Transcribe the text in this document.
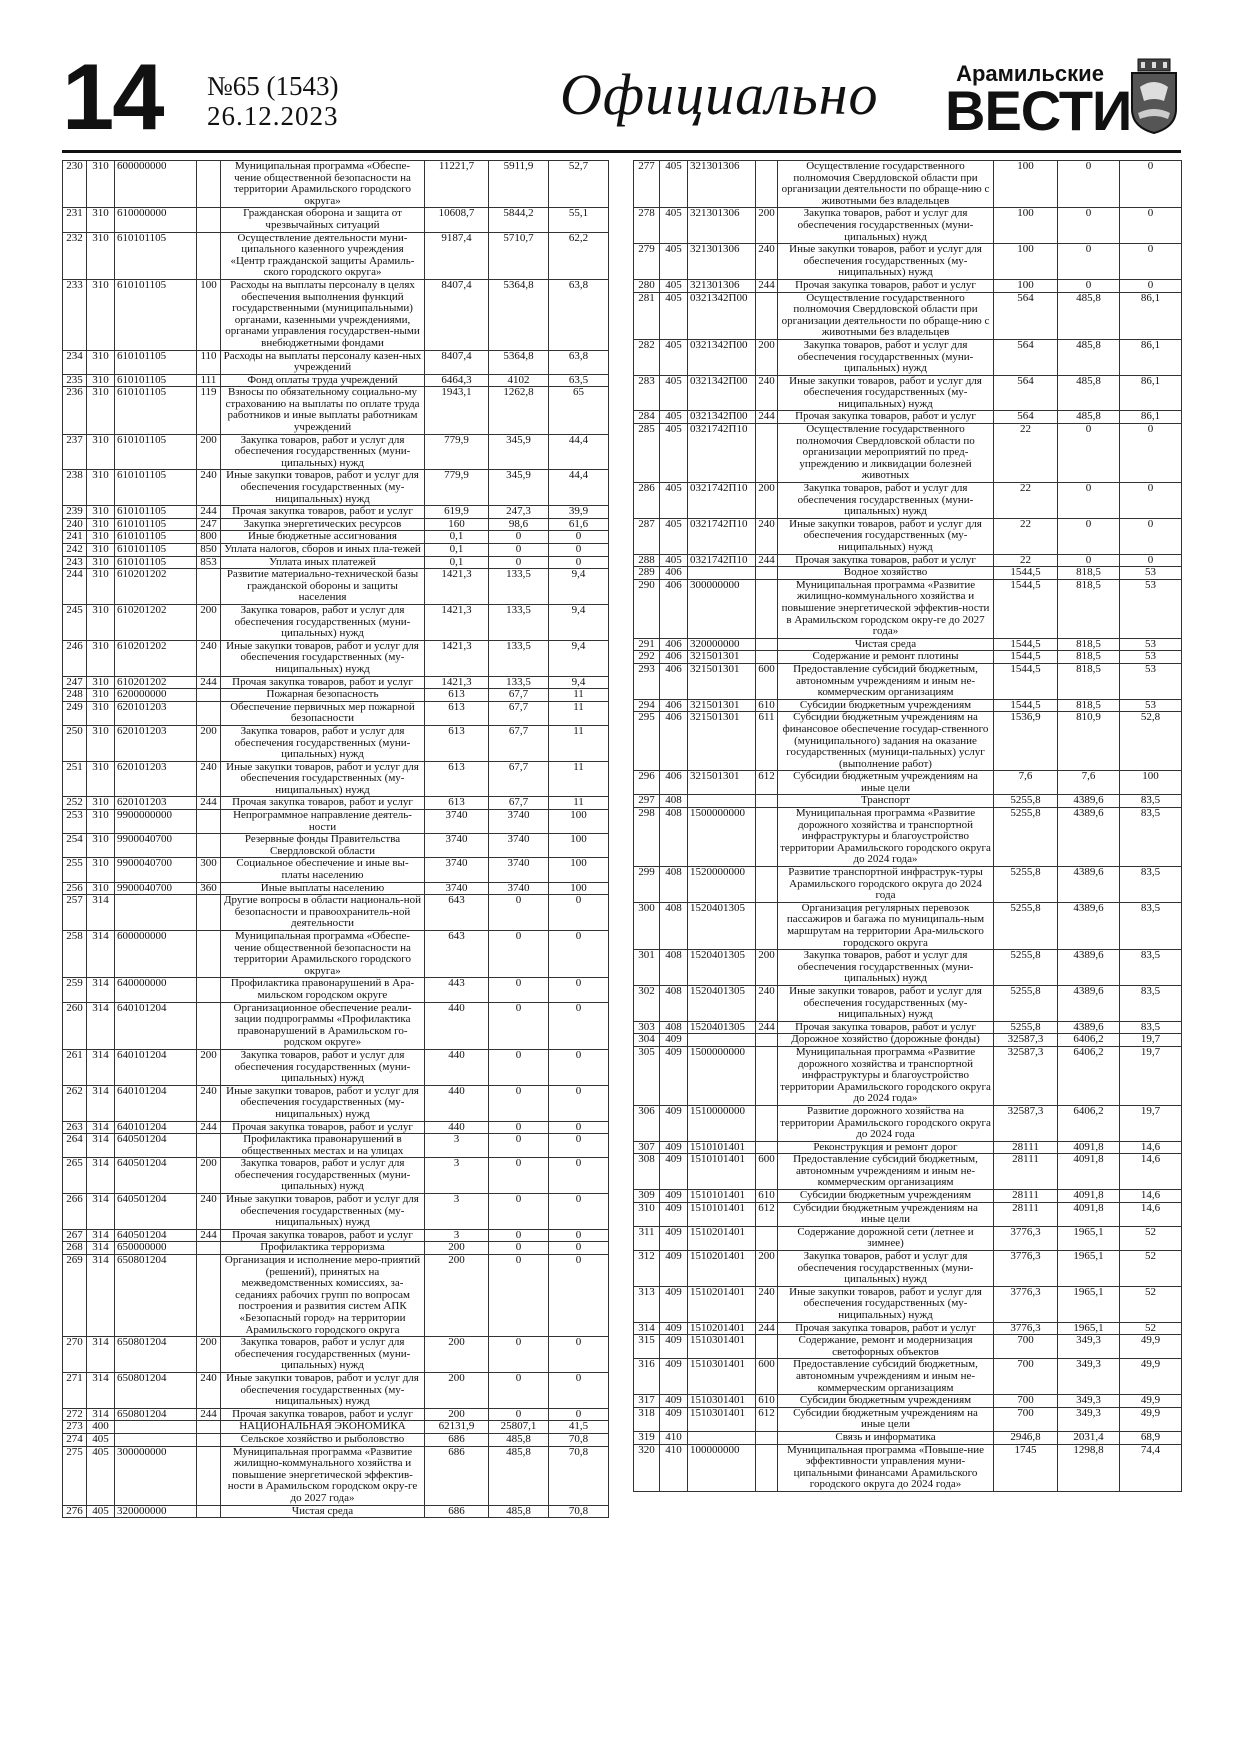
14 №65 (1543)
26.12.2023	Официально	Арамильские
ВЕСТИ
230	310	600000000		Муниципальная программа «Обеспе-чение общественной безопасности на территории Арамильского городского округа»	11221,7	5911,9	52,7
231	310	610000000		Гражданская оборона и защита от чрезвычайных ситуаций	10608,7	5844,2	55,1
232	310	610101105		Осуществление деятельности муни-ципального казенного учреждения «Центр гражданской защиты Арамиль-ского городского округа»	9187,4	5710,7	62,2
233	310	610101105	100	Расходы на выплаты персоналу в целях обеспечения выполнения функций государственными (муниципальными) органами, казенными учреждениями, органами управления государствен-ными внебюджетными фондами	8407,4	5364,8	63,8
234	310	610101105	110	Расходы на выплаты персоналу казен-ных учреждений	8407,4	5364,8	63,8
235	310	610101105	111	Фонд оплаты труда учреждений	6464,3	4102	63,5
236	310	610101105	119	Взносы по обязательному социально-му страхованию на выплаты по оплате труда работников и иные выплаты работникам учреждений	1943,1	1262,8	65
237	310	610101105	200	Закупка товаров, работ и услуг для обеспечения государственных (муни-ципальных) нужд	779,9	345,9	44,4
238	310	610101105	240	Иные закупки товаров, работ и услуг для обеспечения государственных (му-ниципальных) нужд	779,9	345,9	44,4
239	310	610101105	244	Прочая закупка товаров, работ и услуг	619,9	247,3	39,9
240	310	610101105	247	Закупка энергетических ресурсов	160	98,6	61,6
241	310	610101105	800	Иные бюджетные ассигнования	0,1	0	0
242	310	610101105	850	Уплата налогов, сборов и иных пла-тежей	0,1	0	0
243	310	610101105	853	Уплата иных платежей	0,1	0	0
244	310	610201202		Развитие материально-технической базы гражданской обороны и защиты населения	1421,3	133,5	9,4
245	310	610201202	200	Закупка товаров, работ и услуг для обеспечения государственных (муни-ципальных) нужд	1421,3	133,5	9,4
246	310	610201202	240	Иные закупки товаров, работ и услуг для обеспечения государственных (му-ниципальных) нужд	1421,3	133,5	9,4
247	310	610201202	244	Прочая закупка товаров, работ и услуг	1421,3	133,5	9,4
248	310	620000000		Пожарная безопасность	613	67,7	11
249	310	620101203		Обеспечение первичных мер пожарной безопасности	613	67,7	11
250	310	620101203	200	Закупка товаров, работ и услуг для обеспечения государственных (муни-ципальных) нужд	613	67,7	11
251	310	620101203	240	Иные закупки товаров, работ и услуг для обеспечения государственных (му-ниципальных) нужд	613	67,7	11
252	310	620101203	244	Прочая закупка товаров, работ и услуг	613	67,7	11
253	310	9900000000		Непрограммное направление деятель-ности	3740	3740	100
254	310	9900040700		Резервные фонды Правительства Свердловской области	3740	3740	100
255	310	9900040700	300	Социальное обеспечение и иные вы-платы населению	3740	3740	100
256	310	9900040700	360	Иные выплаты населению	3740	3740	100
257	314			Другие вопросы в области националь-ной безопасности и правоохранитель-ной деятельности	643	0	0
258	314	600000000		Муниципальная программа «Обеспе-чение общественной безопасности на территории Арамильского городского округа»	643	0	0
259	314	640000000		Профилактика правонарушений в Ара-мильском городском округе	443	0	0
260	314	640101204		Организационное обеспечение реали-зации подпрограммы «Профилактика правонарушений в Арамильском го-родском округе»	440	0	0
261	314	640101204	200	Закупка товаров, работ и услуг для обеспечения государственных (муни-ципальных) нужд	440	0	0
262	314	640101204	240	Иные закупки товаров, работ и услуг для обеспечения государственных (му-ниципальных) нужд	440	0	0
263	314	640101204	244	Прочая закупка товаров, работ и услуг	440	0	0
264	314	640501204		Профилактика правонарушений в общественных местах и на улицах	3	0	0
265	314	640501204	200	Закупка товаров, работ и услуг для обеспечения государственных (муни-ципальных) нужд	3	0	0
266	314	640501204	240	Иные закупки товаров, работ и услуг для обеспечения государственных (му-ниципальных) нужд	3	0	0
267	314	640501204	244	Прочая закупка товаров, работ и услуг	3	0	0
268	314	650000000		Профилактика терроризма	200	0	0
269	314	650801204		Организация и исполнение меро-приятий (решений), принятых на межведомственных комиссиях, за-седаниях рабочих групп по вопросам построения и развития систем АПК «Безопасный город» на территории Арамильского городского округа	200	0	0
270	314	650801204	200	Закупка товаров, работ и услуг для обеспечения государственных (муни-ципальных) нужд	200	0	0
271	314	650801204	240	Иные закупки товаров, работ и услуг для обеспечения государственных (му-ниципальных) нужд	200	0	0
272	314	650801204	244	Прочая закупка товаров, работ и услуг	200	0	0
273	400			НАЦИОНАЛЬНАЯ ЭКОНОМИКА	62131,9	25807,1	41,5
274	405			Сельское хозяйство и рыболовство	686	485,8	70,8
275	405	300000000		Муниципальная программа «Развитие жилищно-коммунального хозяйства и повышение энергетической эффектив-ности в Арамильском городском окру-ге до 2027 года»	686	485,8	70,8
276	405	320000000		Чистая среда	686	485,8	70,8
277	405	321301306		Осуществление государственного полномочия Свердловской области при организации деятельности по обраще-нию с животными без владельцев	100	0	0
278	405	321301306	200	Закупка товаров, работ и услуг для обеспечения государственных (муни-ципальных) нужд	100	0	0
279	405	321301306	240	Иные закупки товаров, работ и услуг для обеспечения государственных (му-ниципальных) нужд	100	0	0
280	405	321301306	244	Прочая закупка товаров, работ и услуг	100	0	0
281	405	0321342П00		Осуществление государственного полномочия Свердловской области при организации деятельности по обраще-нию с животными без владельцев	564	485,8	86,1
282	405	0321342П00	200	Закупка товаров, работ и услуг для обеспечения государственных (муни-ципальных) нужд	564	485,8	86,1
283	405	0321342П00	240	Иные закупки товаров, работ и услуг для обеспечения государственных (му-ниципальных) нужд	564	485,8	86,1
284	405	0321342П00	244	Прочая закупка товаров, работ и услуг	564	485,8	86,1
285	405	0321742П10		Осуществление государственного полномочия Свердловской области по организации мероприятий по пред-упреждению и ликвидации болезней животных	22	0	0
286	405	0321742П10	200	Закупка товаров, работ и услуг для обеспечения государственных (муни-ципальных) нужд	22	0	0
287	405	0321742П10	240	Иные закупки товаров, работ и услуг для обеспечения государственных (му-ниципальных) нужд	22	0	0
288	405	0321742П10	244	Прочая закупка товаров, работ и услуг	22	0	0
289	406			Водное хозяйство	1544,5	818,5	53
290	406	300000000		Муниципальная программа «Развитие жилищно-коммунального хозяйства и повышение энергетической эффектив-ности в Арамильском городском окру-ге до 2027 года»	1544,5	818,5	53
291	406	320000000		Чистая среда	1544,5	818,5	53
292	406	321501301		Содержание и ремонт плотины	1544,5	818,5	53
293	406	321501301	600	Предоставление субсидий бюджетным, автономным учреждениям и иным не-коммерческим организациям	1544,5	818,5	53
294	406	321501301	610	Субсидии бюджетным учреждениям	1544,5	818,5	53
295	406	321501301	611	Субсидии бюджетным учреждениям на финансовое обеспечение государ-ственного (муниципального) задания на оказание государственных (муници-пальных) услуг (выполнение работ)	1536,9	810,9	52,8
296	406	321501301	612	Субсидии бюджетным учреждениям на иные цели	7,6	7,6	100
297	408			Транспорт	5255,8	4389,6	83,5
298	408	1500000000		Муниципальная программа «Развитие дорожного хозяйства и транспортной инфраструктуры и благоустройство территории Арамильского городского округа до 2024 года»	5255,8	4389,6	83,5
299	408	1520000000		Развитие транспортной инфраструк-туры Арамильского городского округа до 2024 года	5255,8	4389,6	83,5
300	408	1520401305		Организация регулярных перевозок пассажиров и багажа по муниципаль-ным маршрутам на территории Ара-мильского городского округа	5255,8	4389,6	83,5
301	408	1520401305	200	Закупка товаров, работ и услуг для обеспечения государственных (муни-ципальных) нужд	5255,8	4389,6	83,5
302	408	1520401305	240	Иные закупки товаров, работ и услуг для обеспечения государственных (му-ниципальных) нужд	5255,8	4389,6	83,5
303	408	1520401305	244	Прочая закупка товаров, работ и услуг	5255,8	4389,6	83,5
304	409			Дорожное хозяйство (дорожные фонды)	32587,3	6406,2	19,7
305	409	1500000000		Муниципальная программа «Развитие дорожного хозяйства и транспортной инфраструктуры и благоустройство территории Арамильского городского округа до 2024 года»	32587,3	6406,2	19,7
306	409	1510000000		Развитие дорожного хозяйства на территории Арамильского городского округа до 2024 года	32587,3	6406,2	19,7
307	409	1510101401		Реконструкция и ремонт дорог	28111	4091,8	14,6
308	409	1510101401	600	Предоставление субсидий бюджетным, автономным учреждениям и иным не-коммерческим организациям	28111	4091,8	14,6
309	409	1510101401	610	Субсидии бюджетным учреждениям	28111	4091,8	14,6
310	409	1510101401	612	Субсидии бюджетным учреждениям на иные цели	28111	4091,8	14,6
311	409	1510201401		Содержание дорожной сети (летнее и зимнее)	3776,3	1965,1	52
312	409	1510201401	200	Закупка товаров, работ и услуг для обеспечения государственных (муни-ципальных) нужд	3776,3	1965,1	52
313	409	1510201401	240	Иные закупки товаров, работ и услуг для обеспечения государственных (му-ниципальных) нужд	3776,3	1965,1	52
314	409	1510201401	244	Прочая закупка товаров, работ и услуг	3776,3	1965,1	52
315	409	1510301401		Содержание, ремонт и модернизация светофорных объектов	700	349,3	49,9
316	409	1510301401	600	Предоставление субсидий бюджетным, автономным учреждениям и иным не-коммерческим организациям	700	349,3	49,9
317	409	1510301401	610	Субсидии бюджетным учреждениям	700	349,3	49,9
318	409	1510301401	612	Субсидии бюджетным учреждениям на иные цели	700	349,3	49,9
319	410			Связь и информатика	2946,8	2031,4	68,9
320	410	100000000		Муниципальная программа «Повыше-ние эффективности управления муни-ципальными финансами Арамильского городского округа до 2024 года»	1745	1298,8	74,4
